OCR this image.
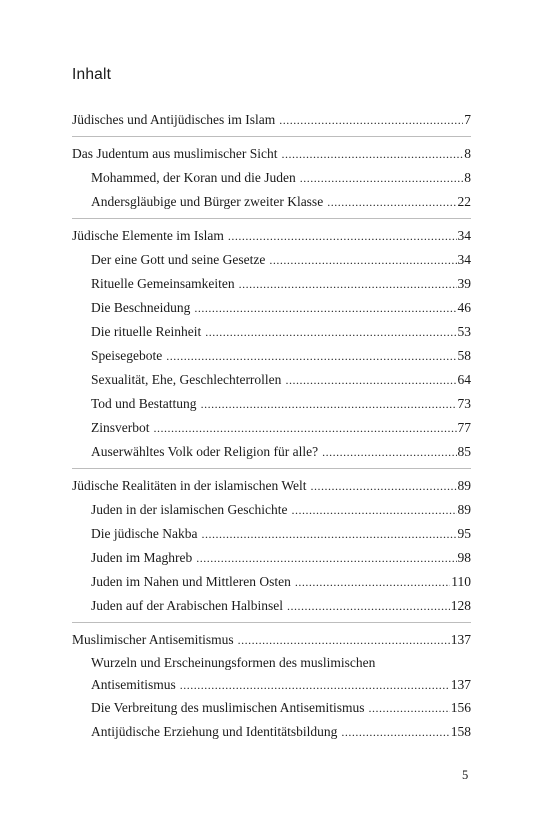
Inhalt
Jüdisches und Antijüdisches im Islam .....	7
Das Judentum aus muslimischer Sicht .....	8
Mohammed, der Koran und die Juden .....	8
Andersgläubige und Bürger zweiter Klasse .....	22
Jüdische Elemente im Islam .....	34
Der eine Gott und seine Gesetze .....	34
Rituelle Gemeinsamkeiten .....	39
Die Beschneidung .....	46
Die rituelle Reinheit .....	53
Speisegebote .....	58
Sexualität, Ehe, Geschlechterrollen .....	64
Tod und Bestattung .....	73
Zinsverbot .....	77
Auserwähltes Volk oder Religion für alle? .....	85
Jüdische Realitäten in der islamischen Welt .....	89
Juden in der islamischen Geschichte .....	89
Die jüdische Nakba .....	95
Juden im Maghreb .....	98
Juden im Nahen und Mittleren Osten .....	110
Juden auf der Arabischen Halbinsel .....	128
Muslimischer Antisemitismus .....	137
Wurzeln und Erscheinungsformen des muslimischen
Antisemitismus .....	137
Die Verbreitung des muslimischen Antisemitismus .....	156
Antijüdische Erziehung und Identitätsbildung .....	158
5
